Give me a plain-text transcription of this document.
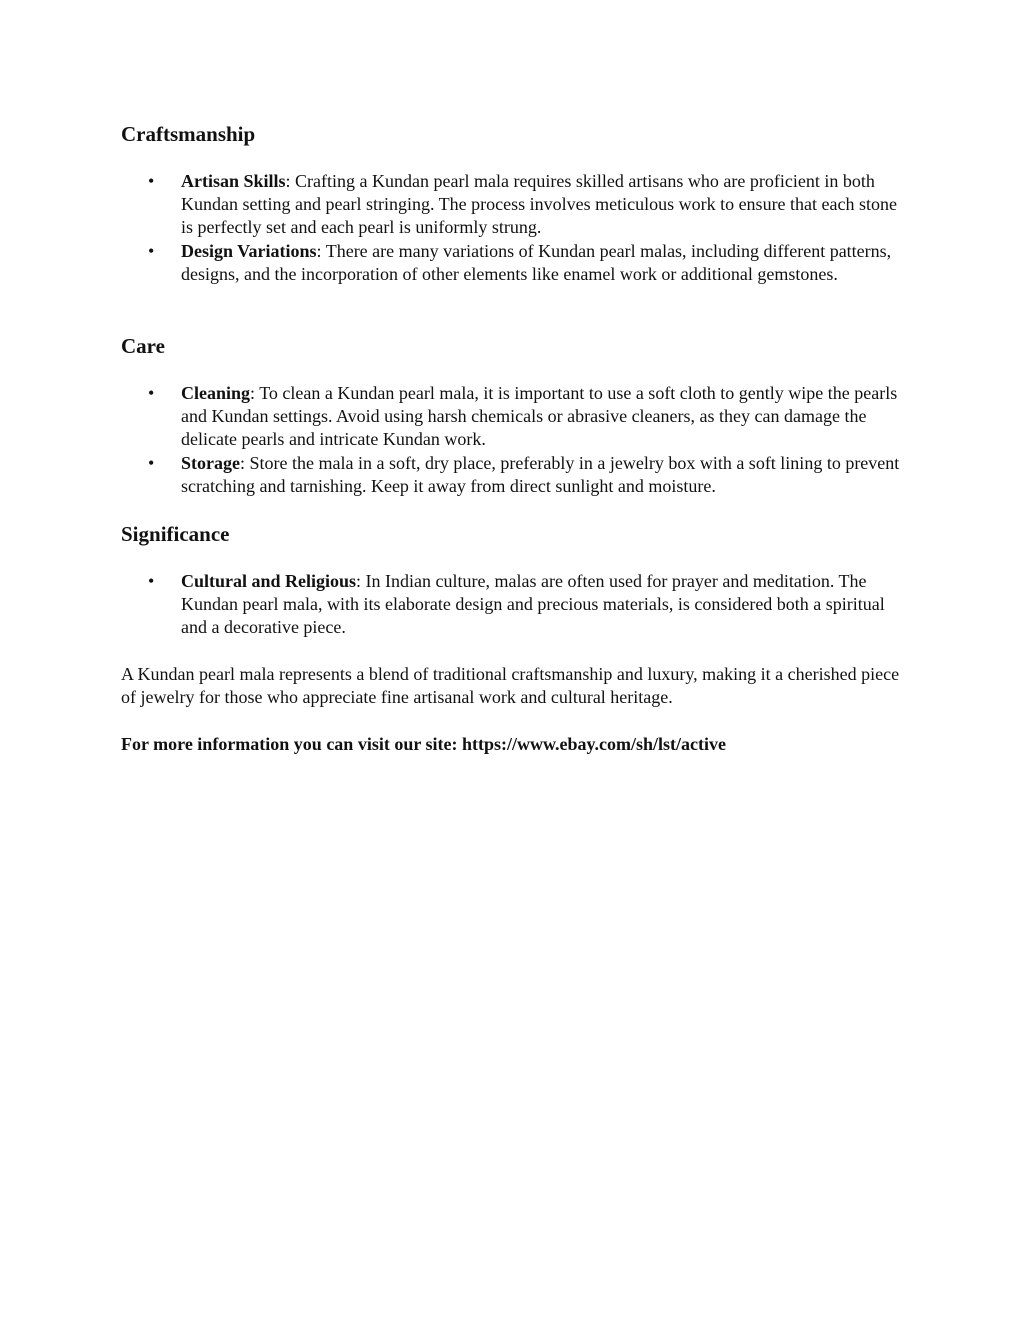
Craftsmanship
• Artisan Skills: Crafting a Kundan pearl mala requires skilled artisans who are proficient in both Kundan setting and pearl stringing. The process involves meticulous work to ensure that each stone is perfectly set and each pearl is uniformly strung.
• Design Variations: There are many variations of Kundan pearl malas, including different patterns, designs, and the incorporation of other elements like enamel work or additional gemstones.
Care
• Cleaning: To clean a Kundan pearl mala, it is important to use a soft cloth to gently wipe the pearls and Kundan settings. Avoid using harsh chemicals or abrasive cleaners, as they can damage the delicate pearls and intricate Kundan work.
• Storage: Store the mala in a soft, dry place, preferably in a jewelry box with a soft lining to prevent scratching and tarnishing. Keep it away from direct sunlight and moisture.
Significance
• Cultural and Religious: In Indian culture, malas are often used for prayer and meditation. The Kundan pearl mala, with its elaborate design and precious materials, is considered both a spiritual and a decorative piece.

A Kundan pearl mala represents a blend of traditional craftsmanship and luxury, making it a cherished piece of jewelry for those who appreciate fine artisanal work and cultural heritage.

For more information you can visit our site: https://www.ebay.com/sh/lst/active
